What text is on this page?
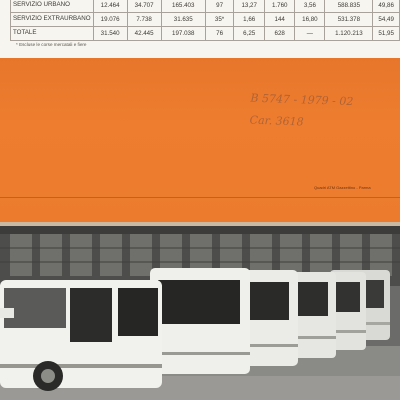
SERVIZIO URBANO	12.464	34.707	165.403	97	13,27	1.760	3,56	588.835	49,86
SERVIZIO EXTRAURBANO	19.076	7.738	31.635	35*	1,66	144	16,80	531.378	54,49
TOTALE	31.540	42.445	197.038	76	6,25	628	—	1.120.213	51,95
* Escluse le corse mercatali e fiere
B 5747 - 1979 - 02
Car. 3618
Quadri ATM Gazzettino - Parma
